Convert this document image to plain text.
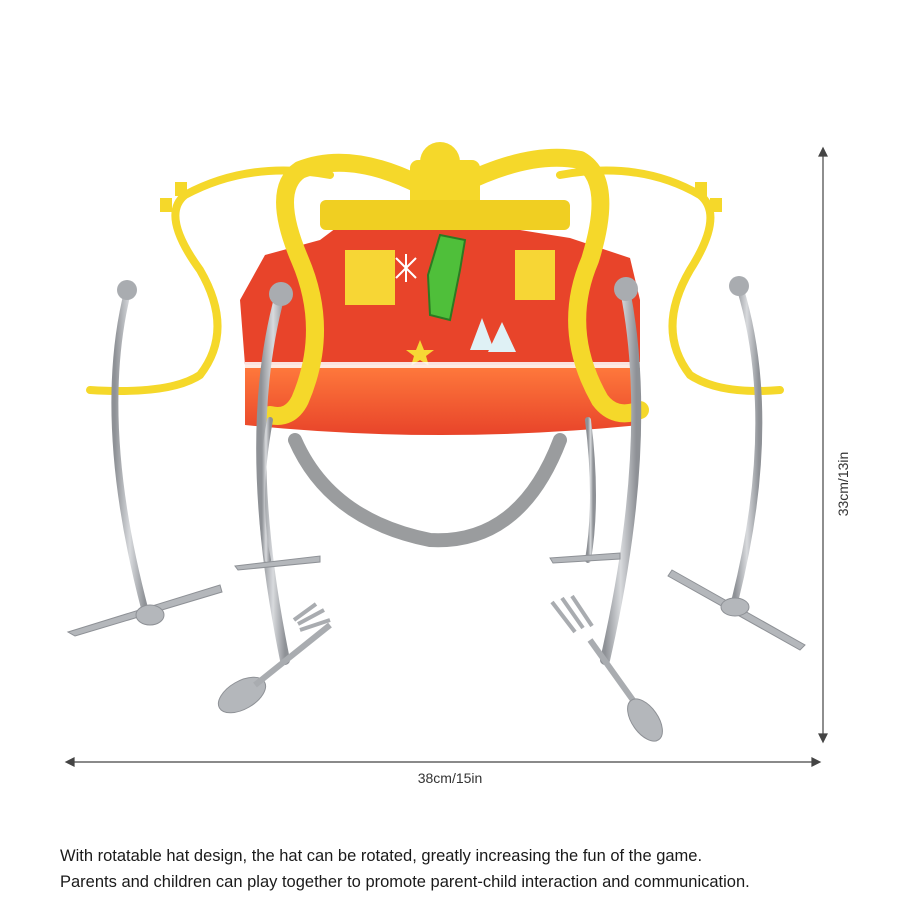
38cm/15in
33cm/13in

With rotatable hat design, the hat can be rotated, greatly increasing the fun of the game.

Parents and children can play together to promote parent-child interaction and communication.
